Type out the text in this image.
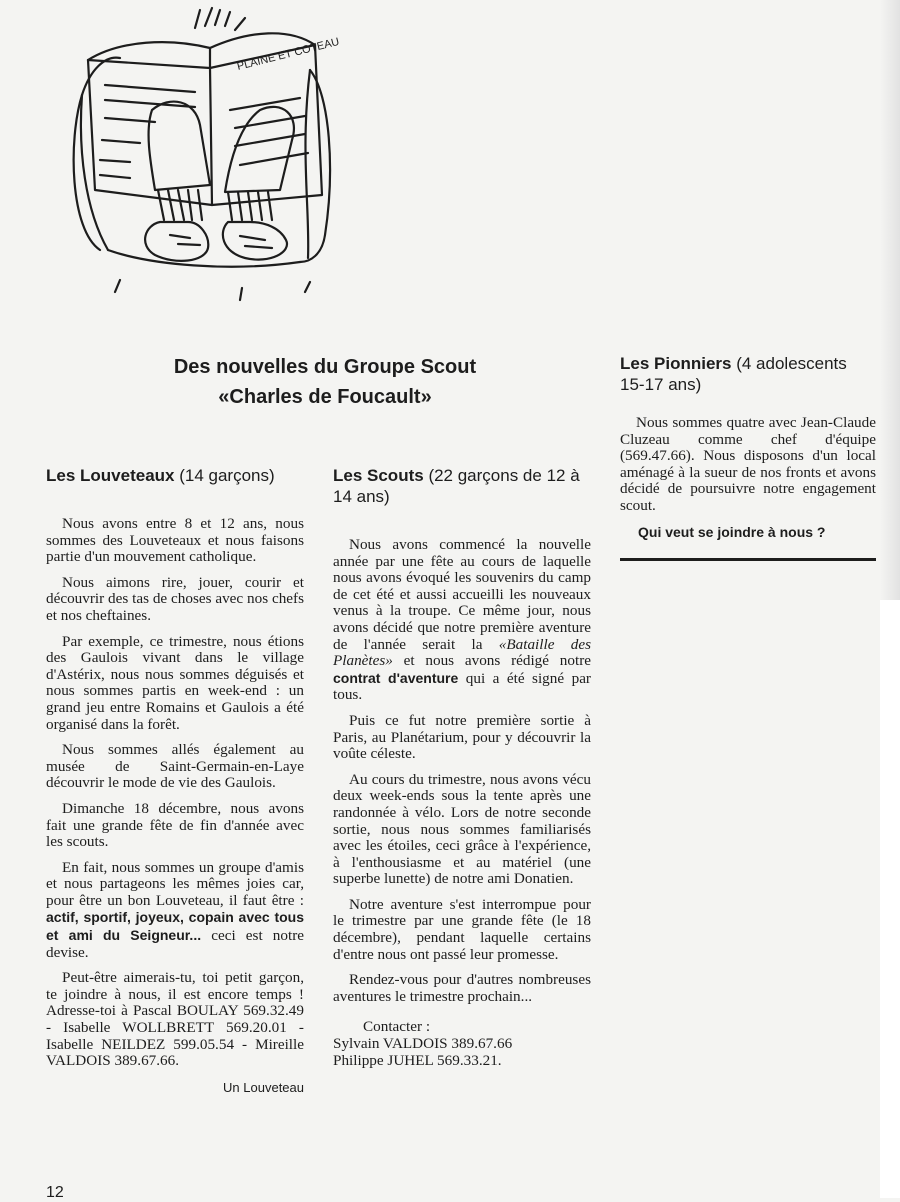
PLAINE ET COTEAU
Des nouvelles du Groupe Scout
«Charles de Foucault»
Les Louveteaux (14 garçons)

Nous avons entre 8 et 12 ans, nous sommes des Louveteaux et nous faisons partie d'un mouvement catholique.

Nous aimons rire, jouer, courir et découvrir des tas de choses avec nos chefs et nos cheftaines.

Par exemple, ce trimestre, nous étions des Gaulois vivant dans le village d'Astérix, nous nous sommes déguisés et nous sommes partis en week-end : un grand jeu entre Romains et Gaulois a été organisé dans la forêt.

Nous sommes allés également au musée de Saint-Germain-en-Laye découvrir le mode de vie des Gaulois.

Dimanche 18 décembre, nous avons fait une grande fête de fin d'année avec les scouts.

En fait, nous sommes un groupe d'amis et nous partageons les mêmes joies car, pour être un bon Louveteau, il faut être : actif, sportif, joyeux, copain avec tous et ami du Seigneur... ceci est notre devise.

Peut-être aimerais-tu, toi petit garçon, te joindre à nous, il est encore temps ! Adresse-toi à Pascal BOULAY 569.32.49 - Isabelle WOLLBRETT 569.20.01 - Isabelle NEILDEZ 599.05.54 - Mireille VALDOIS 389.67.66.

Un Louveteau
Les Scouts (22 garçons de 12 à 14 ans)

Nous avons commencé la nouvelle année par une fête au cours de laquelle nous avons évoqué les souvenirs du camp de cet été et aussi accueilli les nouveaux venus à la troupe. Ce même jour, nous avons décidé que notre première aventure de l'année serait la «Bataille des Planètes» et nous avons rédigé notre contrat d'aventure qui a été signé par tous.

Puis ce fut notre première sortie à Paris, au Planétarium, pour y découvrir la voûte céleste.

Au cours du trimestre, nous avons vécu deux week-ends sous la tente après une randonnée à vélo. Lors de notre seconde sortie, nous nous sommes familiarisés avec les étoiles, ceci grâce à l'expérience, à l'enthousiasme et au matériel (une superbe lunette) de notre ami Donatien.

Notre aventure s'est interrompue pour le trimestre par une grande fête (le 18 décembre), pendant laquelle certains d'entre nous ont passé leur promesse.

Rendez-vous pour d'autres nombreuses aventures le trimestre prochain...

Contacter :
Sylvain VALDOIS 389.67.66
Philippe JUHEL 569.33.21.
Les Pionniers (4 adolescents 15-17 ans)

Nous sommes quatre avec Jean-Claude Cluzeau comme chef d'équipe (569.47.66). Nous disposons d'un local aménagé à la sueur de nos fronts et avons décidé de poursuivre notre engagement scout.

Qui veut se joindre à nous ?
12
